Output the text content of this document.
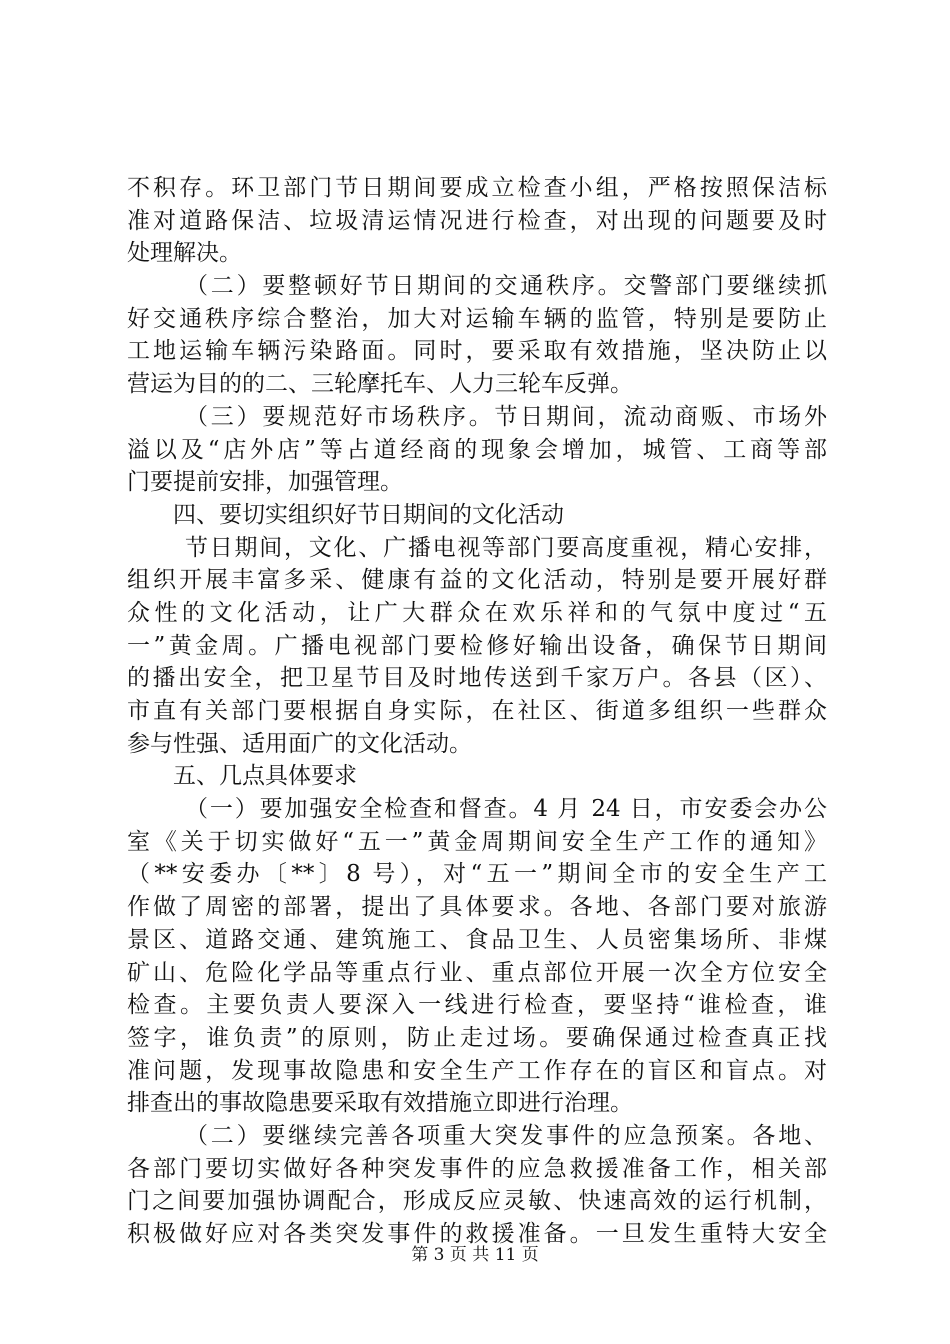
不积存。环卫部门节日期间要成立检查小组，严格按照保洁标
准对道路保洁、垃圾清运情况进行检查，对出现的问题要及时
处理解决。
（二）要整顿好节日期间的交通秩序。交警部门要继续抓
好交通秩序综合整治，加大对运输车辆的监管，特别是要防止
工地运输车辆污染路面。同时，要采取有效措施，坚决防止以
营运为目的的二、三轮摩托车、人力三轮车反弹。
（三）要规范好市场秩序。节日期间，流动商贩、市场外
溢以及“店外店”等占道经商的现象会增加，城管、工商等部
门要提前安排，加强管理。
四、要切实组织好节日期间的文化活动
节日期间，文化、广播电视等部门要高度重视，精心安排，
组织开展丰富多采、健康有益的文化活动，特别是要开展好群
众性的文化活动，让广大群众在欢乐祥和的气氛中度过“五
一”黄金周。广播电视部门要检修好输出设备，确保节日期间
的播出安全，把卫星节目及时地传送到千家万户。各县（区）、
市直有关部门要根据自身实际，在社区、街道多组织一些群众
参与性强、适用面广的文化活动。
五、几点具体要求
（一）要加强安全检查和督查。4 月 24 日，市安委会办公
室《关于切实做好“五一”黄金周期间安全生产工作的通知》
（**安委办〔**〕8 号），对“五一”期间全市的安全生产工
作做了周密的部署，提出了具体要求。各地、各部门要对旅游
景区、道路交通、建筑施工、食品卫生、人员密集场所、非煤
矿山、危险化学品等重点行业、重点部位开展一次全方位安全
检查。主要负责人要深入一线进行检查，要坚持“谁检查，谁
签字，谁负责”的原则，防止走过场。要确保通过检查真正找
准问题，发现事故隐患和安全生产工作存在的盲区和盲点。对
排查出的事故隐患要采取有效措施立即进行治理。
（二）要继续完善各项重大突发事件的应急预案。各地、
各部门要切实做好各种突发事件的应急救援准备工作，相关部
门之间要加强协调配合，形成反应灵敏、快速高效的运行机制，
积极做好应对各类突发事件的救援准备。一旦发生重特大安全
第 3 页 共 11 页
